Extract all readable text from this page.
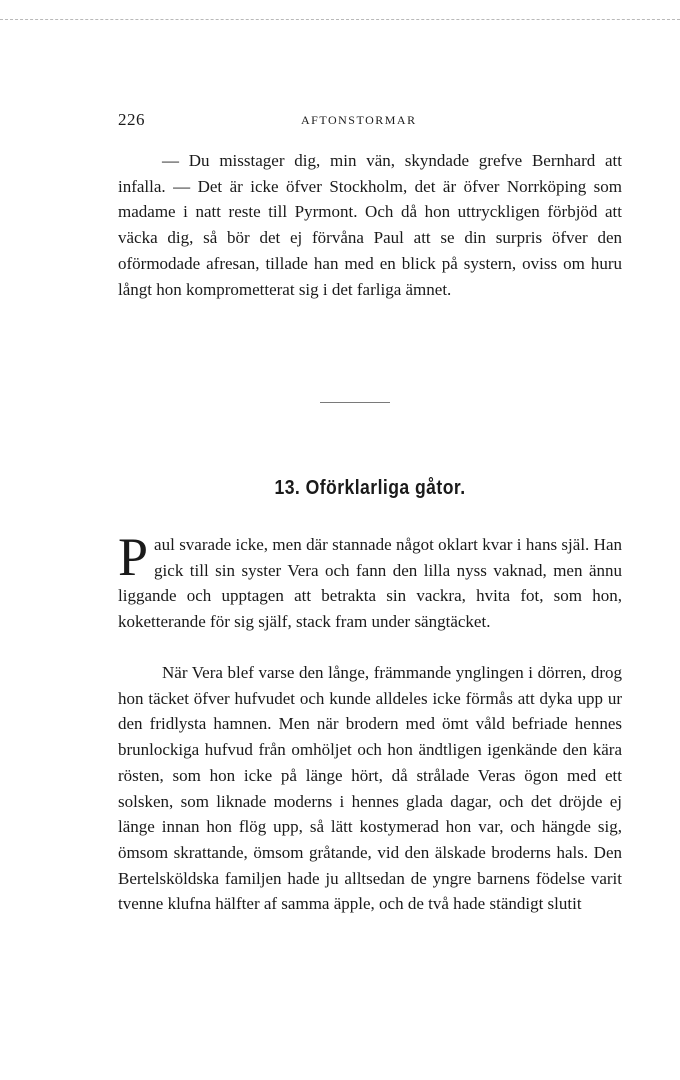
226	AFTONSTORMAR

— Du misstager dig, min vän, skyndade grefve Bernhard att infalla. — Det är icke öfver Stockholm, det är öfver Norrköping som madame i natt reste till Pyrmont. Och då hon uttryckligen förbjöd att väcka dig, så bör det ej förvåna Paul att se din surpris öfver den oförmodade afresan, tillade han med en blick på systern, oviss om huru långt hon komprometterat sig i det farliga ämnet.

13. Oförklarliga gåtor.

Paul svarade icke, men där stannade något oklart kvar i hans själ. Han gick till sin syster Vera och fann den lilla nyss vaknad, men ännu liggande och upptagen att betrakta sin vackra, hvita fot, som hon, koketterande för sig själf, stack fram under sängtäcket.

När Vera blef varse den långe, främmande ynglingen i dörren, drog hon täcket öfver hufvudet och kunde alldeles icke förmås att dyka upp ur den fridlysta hamnen. Men när brodern med ömt våld befriade hennes brunlockiga hufvud från omhöljet och hon ändtligen igenkände den kära rösten, som hon icke på länge hört, då strålade Veras ögon med ett solsken, som liknade moderns i hennes glada dagar, och det dröjde ej länge innan hon flög upp, så lätt kostymerad hon var, och hängde sig, ömsom skrattande, ömsom gråtande, vid den älskade broderns hals. Den Bertelsköldska familjen hade ju alltsedan de yngre barnens födelse varit tvenne klufna hälfter af samma äpple, och de två hade ständigt slutit
